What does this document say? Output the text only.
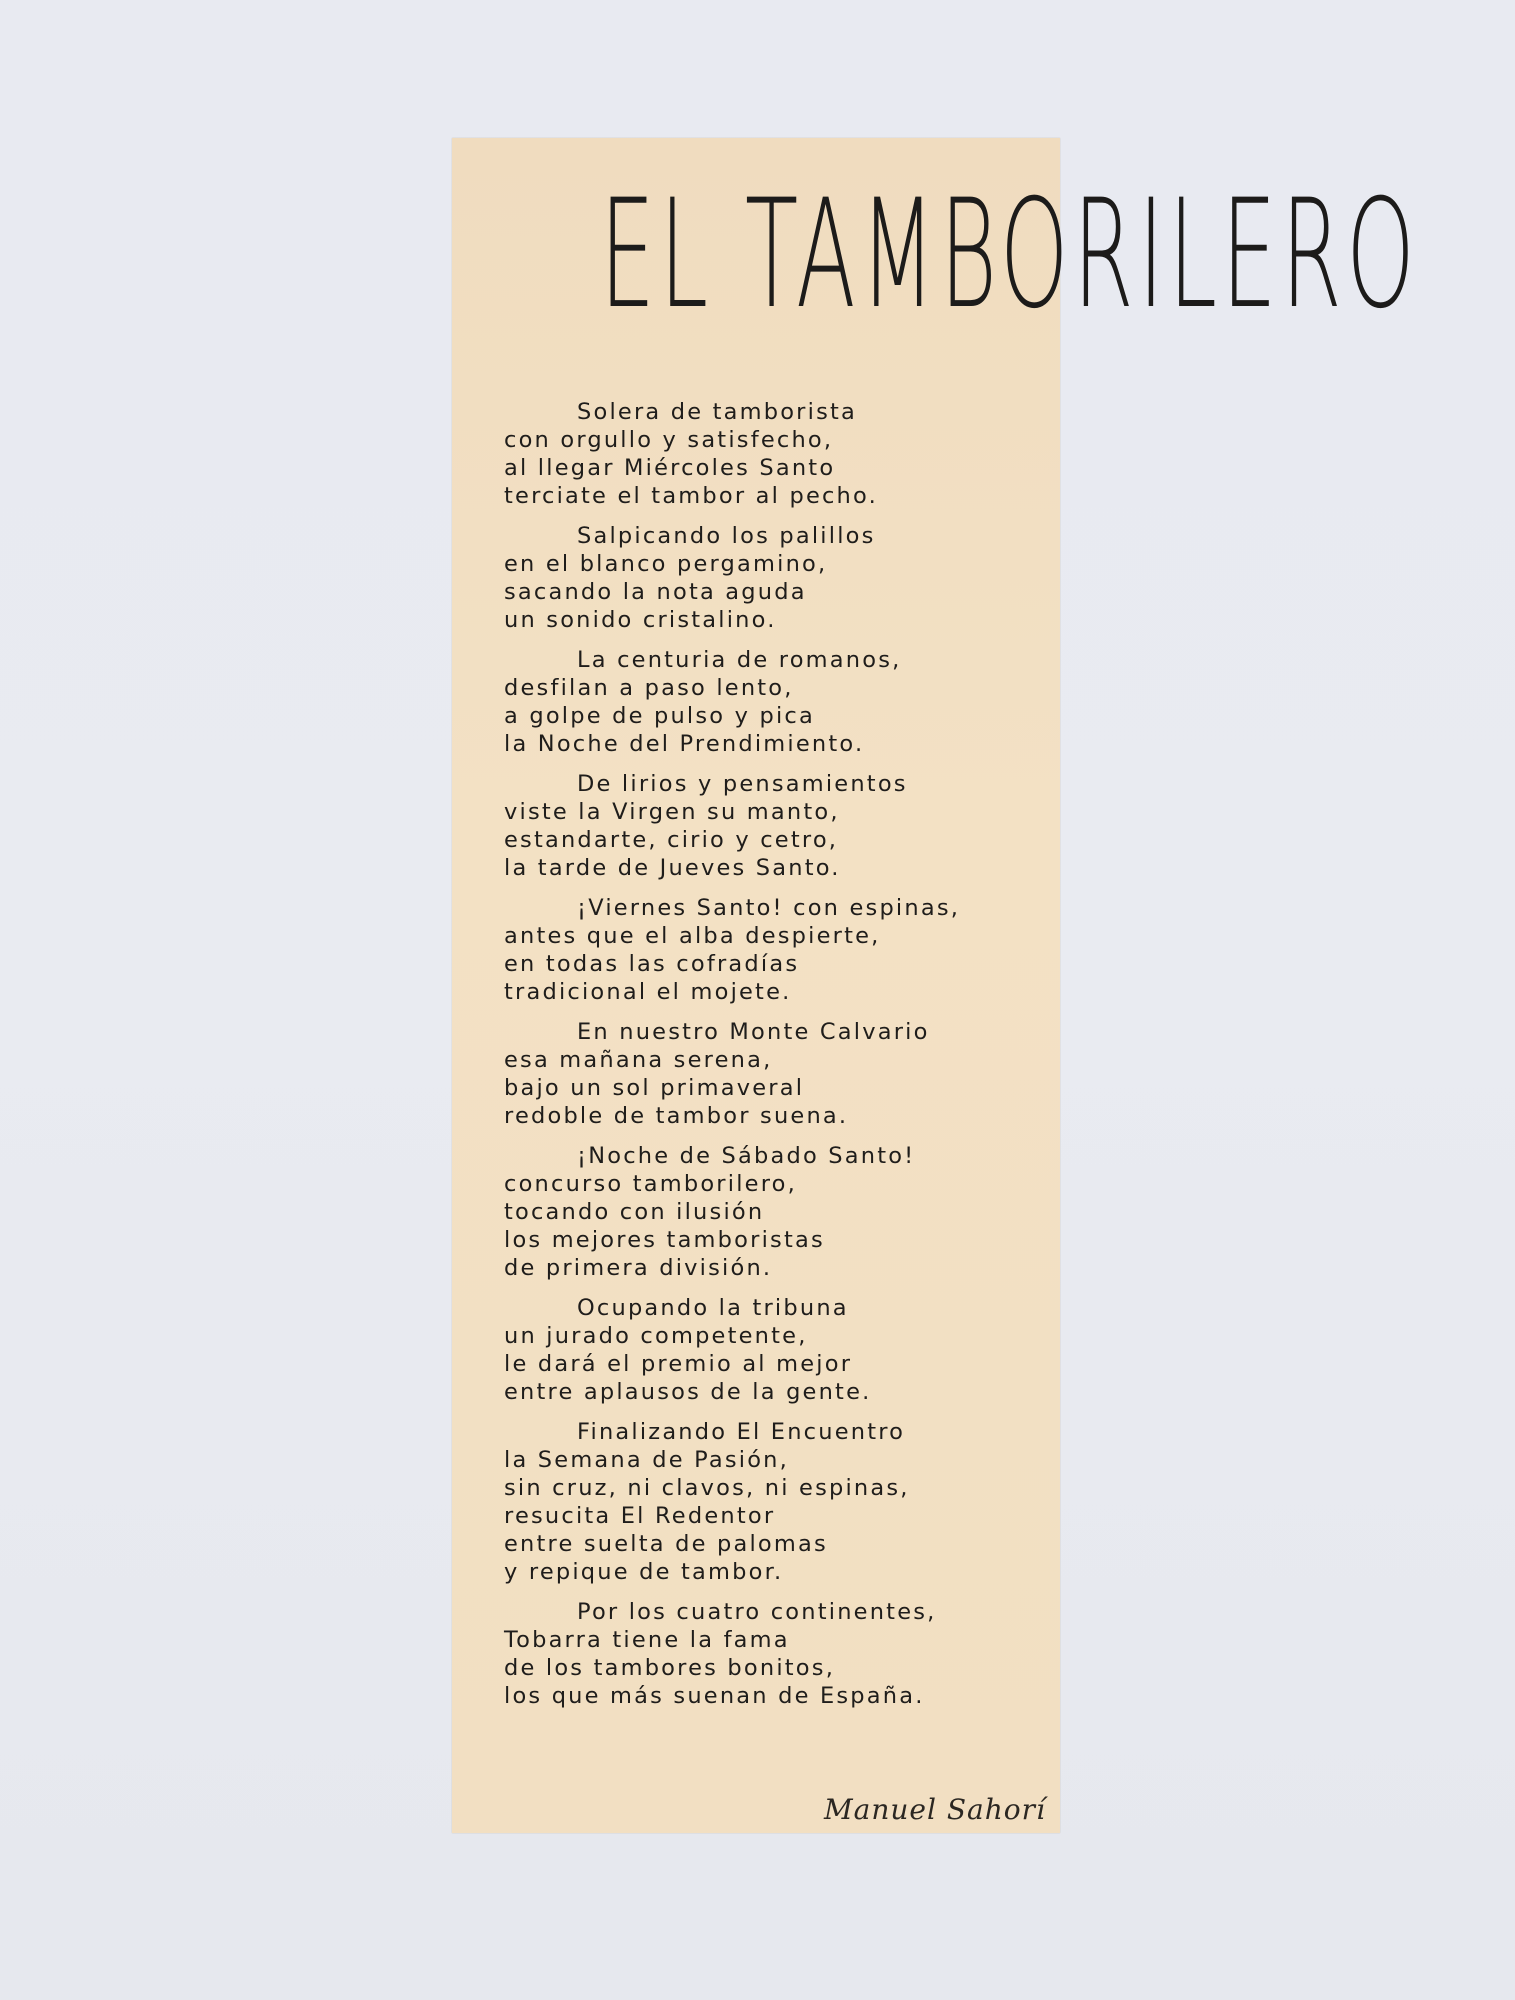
EL TAMBORILERO
Solera de tamborista
con orgullo y satisfecho,
al llegar Miércoles Santo
terciate el tambor al pecho.
Salpicando los palillos
en el blanco pergamino,
sacando la nota aguda
un sonido cristalino.
La centuria de romanos,
desfilan a paso lento,
a golpe de pulso y pica
la Noche del Prendimiento.
De lirios y pensamientos
viste la Virgen su manto,
estandarte, cirio y cetro,
la tarde de Jueves Santo.
¡Viernes Santo! con espinas,
antes que el alba despierte,
en todas las cofradías
tradicional el mojete.
En nuestro Monte Calvario
esa mañana serena,
bajo un sol primaveral
redoble de tambor suena.
¡Noche de Sábado Santo!
concurso tamborilero,
tocando con ilusión
los mejores tamboristas
de primera división.
Ocupando la tribuna
un jurado competente,
le dará el premio al mejor
entre aplausos de la gente.
Finalizando El Encuentro
la Semana de Pasión,
sin cruz, ni clavos, ni espinas,
resucita El Redentor
entre suelta de palomas
y repique de tambor.
Por los cuatro continentes,
Tobarra tiene la fama
de los tambores bonitos,
los que más suenan de España.
Manuel Sahorí
